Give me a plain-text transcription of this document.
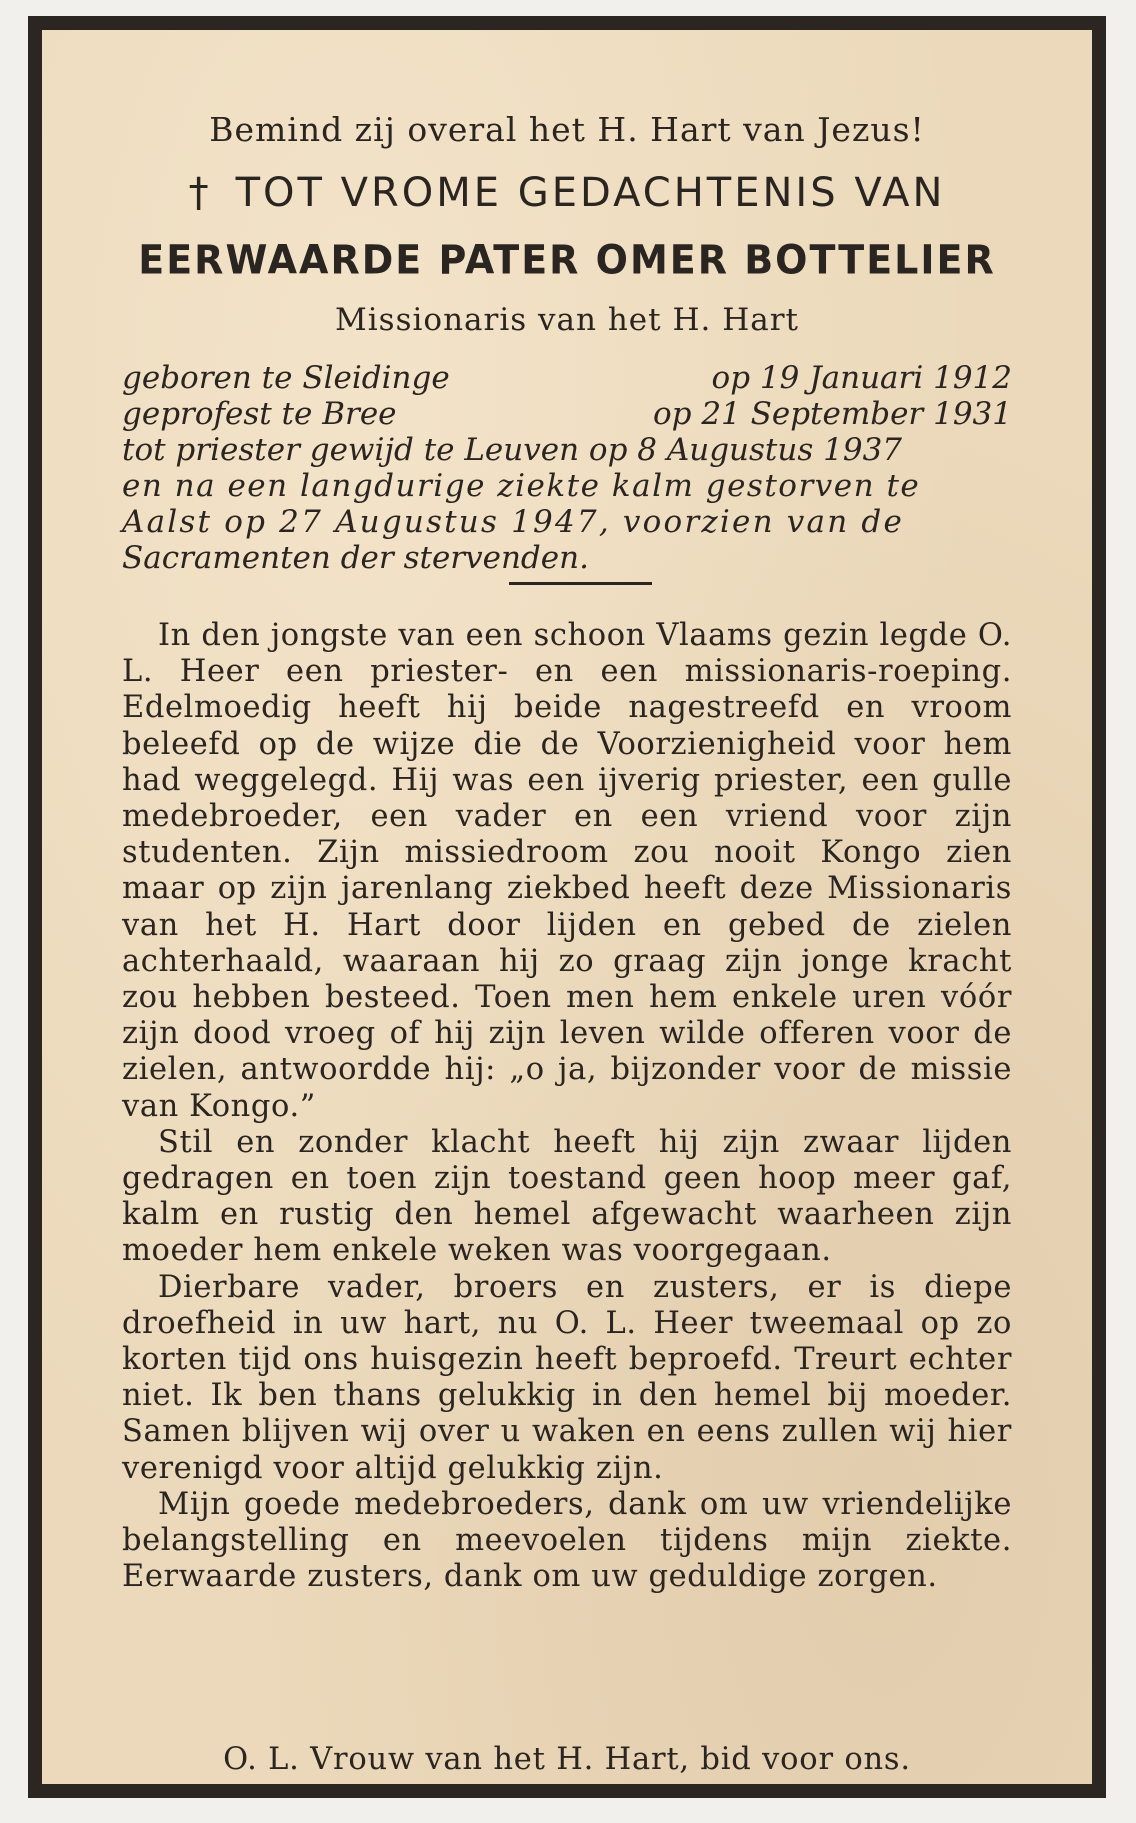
Bemind zij overal het H. Hart van Jezus!
† TOT VROME GEDACHTENIS VAN
EERWAARDE PATER OMER BOTTELIER
Missionaris van het H. Hart
geboren te Sleidinge	op 19 Januari 1912
geprofest te Bree	op 21 September 1931
tot priester gewijd te Leuven op 8 Augustus 1937
en na een langdurige ziekte kalm gestorven te
Aalst op 27 Augustus 1947, voorzien van de
Sacramenten der stervenden.

In den jongste van een schoon Vlaams gezin legde O. L. Heer een priester- en een missionaris-roeping. Edelmoedig heeft hij beide nagestreefd en vroom beleefd op de wijze die de Voorzienigheid voor hem had weggelegd. Hij was een ijverig priester, een gulle medebroeder, een vader en een vriend voor zijn studenten. Zijn missiedroom zou nooit Kongo zien maar op zijn jarenlang ziekbed heeft deze Missionaris van het H. Hart door lijden en gebed de zielen achterhaald, waaraan hij zo graag zijn jonge kracht zou hebben besteed. Toen men hem enkele uren vóór zijn dood vroeg of hij zijn leven wilde offeren voor de zielen, antwoordde hij: „o ja, bijzonder voor de missie van Kongo.”

Stil en zonder klacht heeft hij zijn zwaar lijden gedragen en toen zijn toestand geen hoop meer gaf, kalm en rustig den hemel afgewacht waarheen zijn moeder hem enkele weken was voorgegaan.

Dierbare vader, broers en zusters, er is diepe droefheid in uw hart, nu O. L. Heer tweemaal op zo korten tijd ons huisgezin heeft beproefd. Treurt echter niet. Ik ben thans gelukkig in den hemel bij moeder. Samen blijven wij over u waken en eens zullen wij hier verenigd voor altijd gelukkig zijn.

Mijn goede medebroeders, dank om uw vriendelijke belangstelling en meevoelen tijdens mijn ziekte. Eerwaarde zusters, dank om uw geduldige zorgen.

O. L. Vrouw van het H. Hart, bid voor ons.
